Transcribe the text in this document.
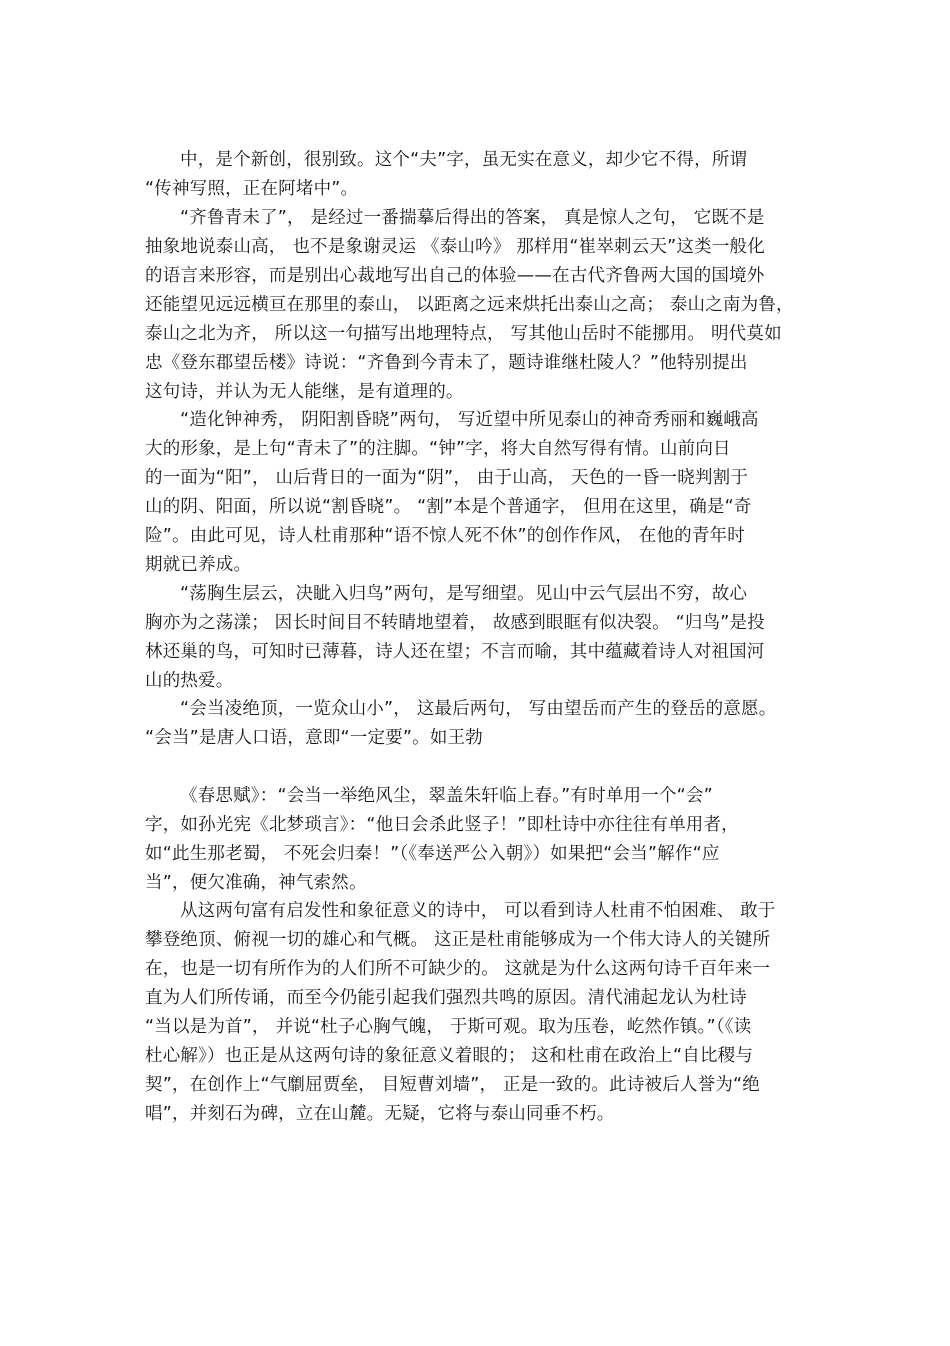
中，是个新创，很别致。这个“夫”字，虽无实在意义，却少它不得，所谓

“传神写照，正在阿堵中”。

“齐鲁青未了”， 是经过一番揣摹后得出的答案， 真是惊人之句， 它既不是

抽象地说泰山高， 也不是象谢灵运 《泰山吟》 那样用“崔崒刺云天”这类一般化

的语言来形容，而是别出心裁地写出自己的体验——在古代齐鲁两大国的国境外

还能望见远远横亘在那里的泰山， 以距离之远来烘托出泰山之高； 泰山之南为鲁，

泰山之北为齐， 所以这一句描写出地理特点， 写其他山岳时不能挪用。 明代莫如

忠《登东郡望岳楼》诗说：“齐鲁到今青未了，题诗谁继杜陵人？”他特别提出

这句诗，并认为无人能继，是有道理的。

“造化钟神秀， 阴阳割昏晓”两句， 写近望中所见泰山的神奇秀丽和巍峨高

大的形象，是上句“青未了”的注脚。“钟”字，将大自然写得有情。山前向日

的一面为“阳”， 山后背日的一面为“阴”， 由于山高， 天色的一昏一晓判割于

山的阴、阳面，所以说“割昏晓”。 “割”本是个普通字， 但用在这里，确是“奇

险”。由此可见，诗人杜甫那种“语不惊人死不休”的创作作风， 在他的青年时

期就已养成。

“荡胸生层云，决眦入归鸟”两句，是写细望。见山中云气层出不穷，故心

胸亦为之荡漾； 因长时间目不转睛地望着， 故感到眼眶有似决裂。 “归鸟”是投

林还巢的鸟，可知时已薄暮，诗人还在望；不言而喻，其中蕴藏着诗人对祖国河

山的热爱。

“会当凌绝顶，一览众山小”， 这最后两句， 写由望岳而产生的登岳的意愿。

“会当”是唐人口语，意即“一定要”。如王勃

《春思赋》：“会当一举绝风尘，翠盖朱轩临上春。”有时单用一个“会”

字，如孙光宪《北梦琐言》：“他日会杀此竖子！”即杜诗中亦往往有单用者，

如“此生那老蜀， 不死会归秦！”（《奉送严公入朝》）如果把“会当”解作“应

当”，便欠准确，神气索然。

从这两句富有启发性和象征意义的诗中， 可以看到诗人杜甫不怕困难、 敢于

攀登绝顶、俯视一切的雄心和气概。 这正是杜甫能够成为一个伟大诗人的关键所

在，也是一切有所作为的人们所不可缺少的。 这就是为什么这两句诗千百年来一

直为人们所传诵，而至今仍能引起我们强烈共鸣的原因。清代浦起龙认为杜诗

“当以是为首”， 并说“杜子心胸气魄， 于斯可观。取为压卷，屹然作镇。”（《读

杜心解》）也正是从这两句诗的象征意义着眼的； 这和杜甫在政治上“自比稷与

契”，在创作上“气劘屈贾垒， 目短曹刘墙”， 正是一致的。此诗被后人誉为“绝

唱”，并刻石为碑，立在山麓。无疑，它将与泰山同垂不朽。
